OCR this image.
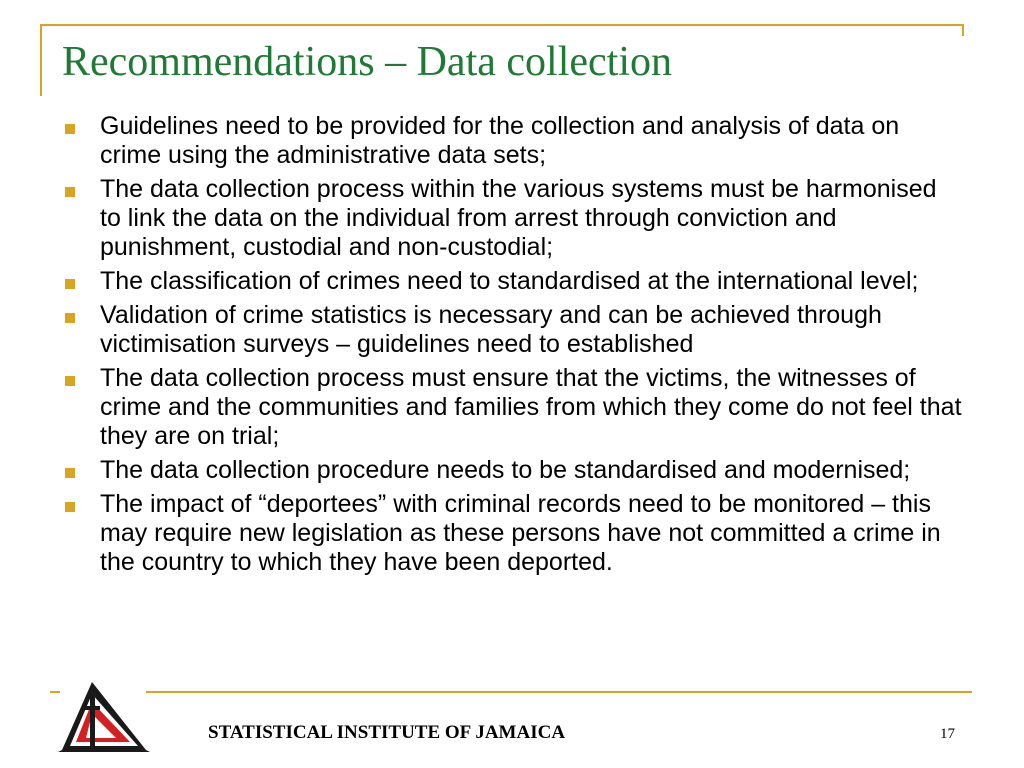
Recommendations – Data collection
Guidelines need to be provided for the collection and analysis of data on crime using the administrative data sets;
The data collection process within the various systems must be harmonised to link the data on the individual from arrest through conviction and punishment, custodial and non-custodial;
The classification of crimes need to standardised at the international level;
Validation of crime statistics is necessary and can be achieved through victimisation surveys – guidelines need to established
The data collection process must ensure that the victims, the witnesses of crime and the communities and families from which they come do not feel that they are on trial;
The data collection procedure needs to be standardised and modernised;
The impact of “deportees” with criminal records need to be monitored – this may require new legislation as these persons have not committed a crime in the country to which they have been deported.
STATISTICAL INSTITUTE OF JAMAICA	17
